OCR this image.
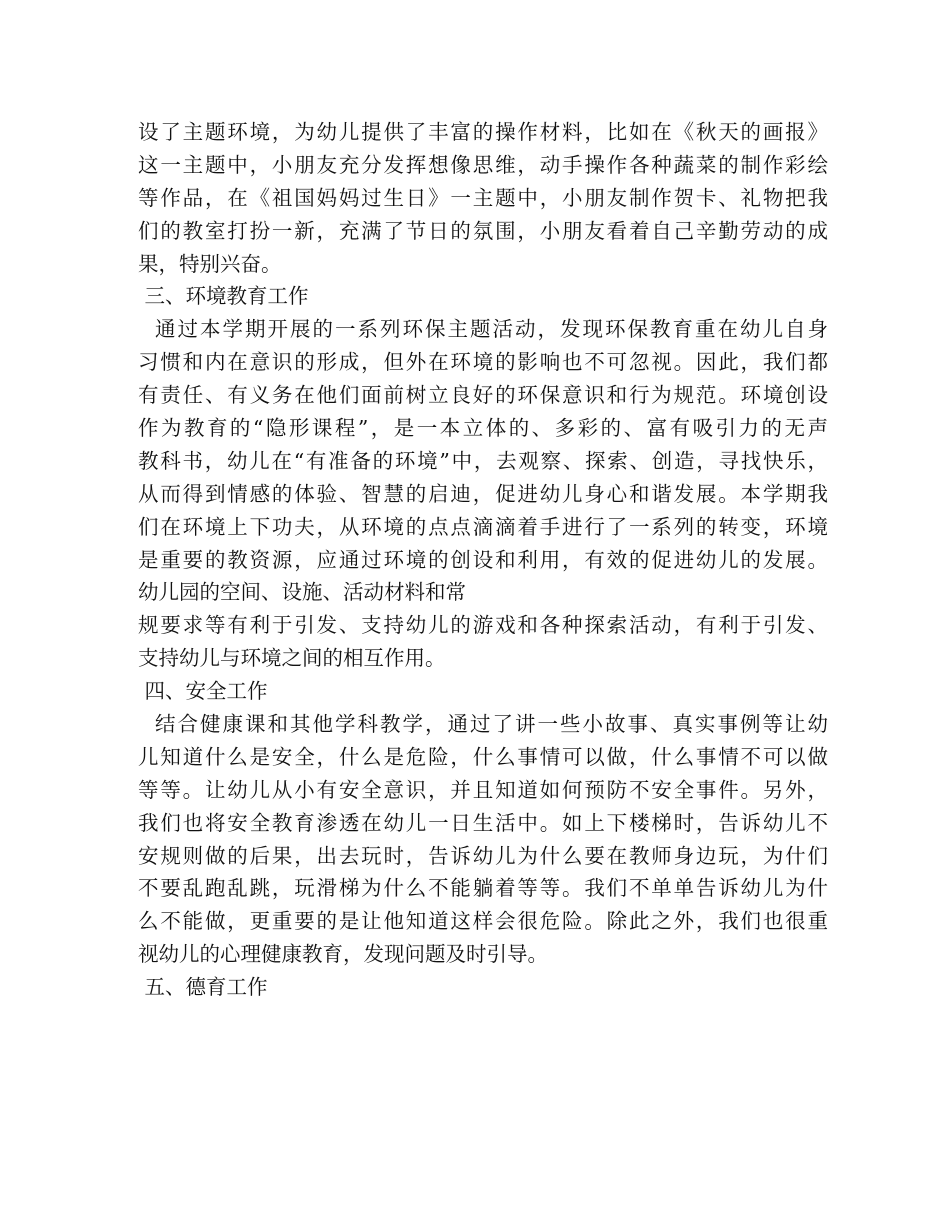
设了主题环境，为幼儿提供了丰富的操作材料，比如在《秋天的画报》
这一主题中，小朋友充分发挥想像思维，动手操作各种蔬菜的制作彩绘
等作品，在《祖国妈妈过生日》一主题中，小朋友制作贺卡、礼物把我
们的教室打扮一新，充满了节日的氛围，小朋友看着自己辛勤劳动的成
果，特别兴奋。
三、环境教育工作
通过本学期开展的一系列环保主题活动，发现环保教育重在幼儿自身
习惯和内在意识的形成，但外在环境的影响也不可忽视。因此，我们都
有责任、有义务在他们面前树立良好的环保意识和行为规范。环境创设
作为教育的“隐形课程”，是一本立体的、多彩的、富有吸引力的无声
教科书，幼儿在“有准备的环境”中，去观察、探索、创造，寻找快乐，
从而得到情感的体验、智慧的启迪，促进幼儿身心和谐发展。本学期我
们在环境上下功夫，从环境的点点滴滴着手进行了一系列的转变，环境
是重要的教资源，应通过环境的创设和利用，有效的促进幼儿的发展。
幼儿园的空间、设施、活动材料和常
规要求等有利于引发、支持幼儿的游戏和各种探索活动，有利于引发、
支持幼儿与环境之间的相互作用。
四、安全工作
结合健康课和其他学科教学，通过了讲一些小故事、真实事例等让幼
儿知道什么是安全，什么是危险，什么事情可以做，什么事情不可以做
等等。让幼儿从小有安全意识，并且知道如何预防不安全事件。另外，
我们也将安全教育渗透在幼儿一日生活中。如上下楼梯时，告诉幼儿不
安规则做的后果，出去玩时，告诉幼儿为什么要在教师身边玩，为什们
不要乱跑乱跳，玩滑梯为什么不能躺着等等。我们不单单告诉幼儿为什
么不能做，更重要的是让他知道这样会很危险。除此之外，我们也很重
视幼儿的心理健康教育，发现问题及时引导。
五、德育工作
